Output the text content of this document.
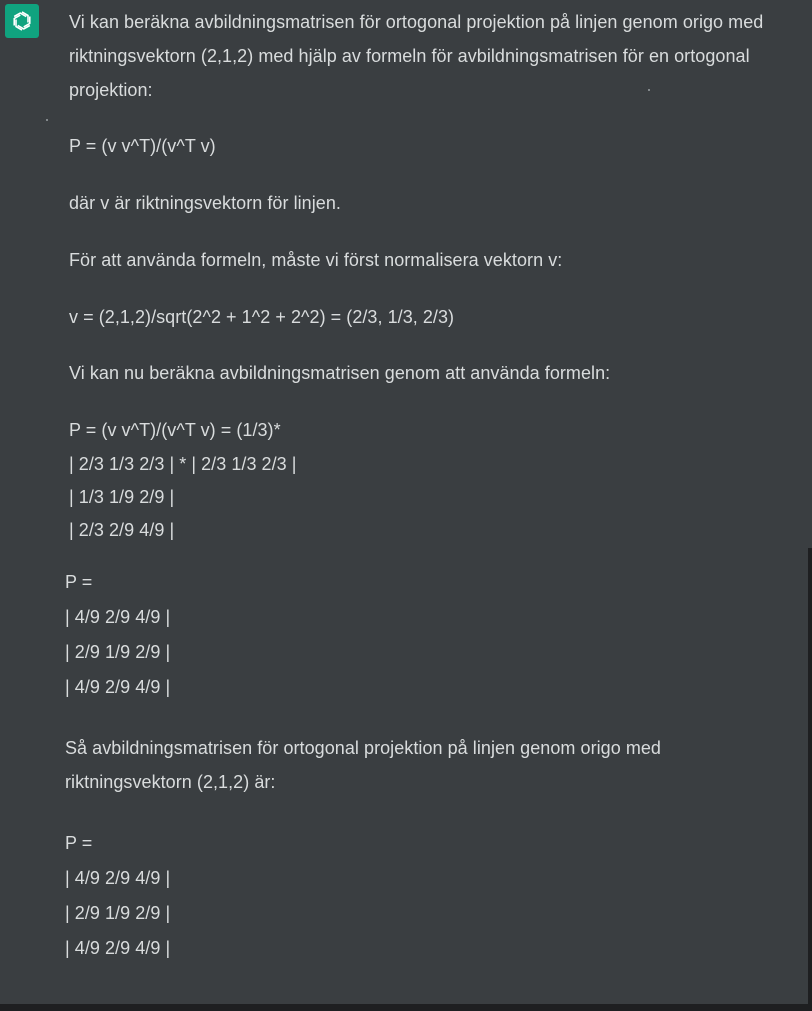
Vi kan beräkna avbildningsmatrisen för ortogonal projektion på linjen genom origo med
riktningsvektorn (2,1,2) med hjälp av formeln för avbildningsmatrisen för en ortogonal
projektion:
P = (v v^T)/(v^T v)
där v är riktningsvektorn för linjen.
För att använda formeln, måste vi först normalisera vektorn v:
v = (2,1,2)/sqrt(2^2 + 1^2 + 2^2) = (2/3, 1/3, 2/3)
Vi kan nu beräkna avbildningsmatrisen genom att använda formeln:
P = (v v^T)/(v^T v) = (1/3)*
| 2/3 1/3 2/3 | * | 2/3 1/3 2/3 |
| 1/3 1/9 2/9 |
| 2/3 2/9 4/9 |
P =
| 4/9 2/9 4/9 |
| 2/9 1/9 2/9 |
| 4/9 2/9 4/9 |
Så avbildningsmatrisen för ortogonal projektion på linjen genom origo med
riktningsvektorn (2,1,2) är:
P =
| 4/9 2/9 4/9 |
| 2/9 1/9 2/9 |
| 4/9 2/9 4/9 |
